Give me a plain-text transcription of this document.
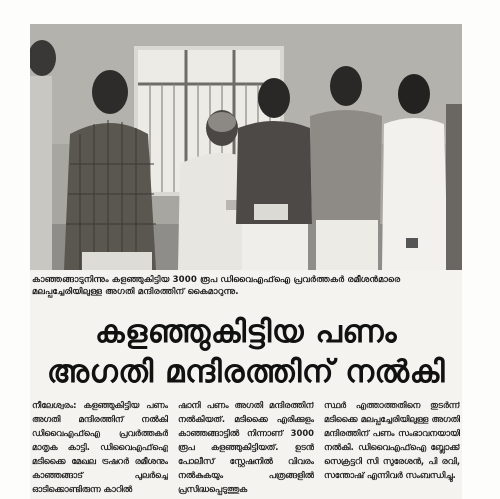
കാഞ്ഞങ്ങാടുനിന്നും കളഞ്ഞുകിട്ടിയ 3000 രൂപ ഡിവൈഎഫ്ഐ പ്രവർത്തകർ രമീശൻമാരെ മലപ്പച്ചേരിയിലുള്ള അഗതി മന്ദിരത്തിന് കൈമാറുന്നു.
കളഞ്ഞുകിട്ടിയ പണം
അഗതി മന്ദിരത്തിന് നൽകി
നീലേശ്വരം: കളഞ്ഞുകിട്ടിയ പണം അഗതി മന്ദിരത്തിന് നൽകി ഡിവൈഎഫ്ഐ പ്രവർത്തകർ മാതൃക കാട്ടി. ഡിവൈഎഫ്ഐ മടിക്കൈ മേഖല ട്രഷറർ രമീശനും കാഞ്ഞങ്ങാട് പുലർച്ചെ ഓടിക്കൊണ്ടിരുന്ന കാറിൽ
ഷാനി പണം അഗതി മന്ദിരത്തിന് നൽകിയത്. മടിക്കൈ എരിക്കുളം കാഞ്ഞങ്ങാട്ടിൽ നിന്നാണ് 3000 രൂപ കളഞ്ഞുകിട്ടിയത്. ഉടൻ പോലീസ് സ്റ്റേഷനിൽ വിവരം നൽകുകയും പത്രങ്ങളിൽ പ്രസിദ്ധപ്പെടുത്തുക
സ്ഥർ എത്താത്തതിനെ തുടർന്ന് മടിക്കൈ മലപ്പച്ചേരിയിലുള്ള അഗതി മന്ദിരത്തിന് പണം സംഭാവനയായി നൽകി. ഡിവൈഎഫ്ഐ ബ്ലോക്ക് സെക്രട്ടറി സി സുരേശൻ, പി രവി, സന്തോഷ് എന്നിവർ സംബന്ധിച്ചു.
